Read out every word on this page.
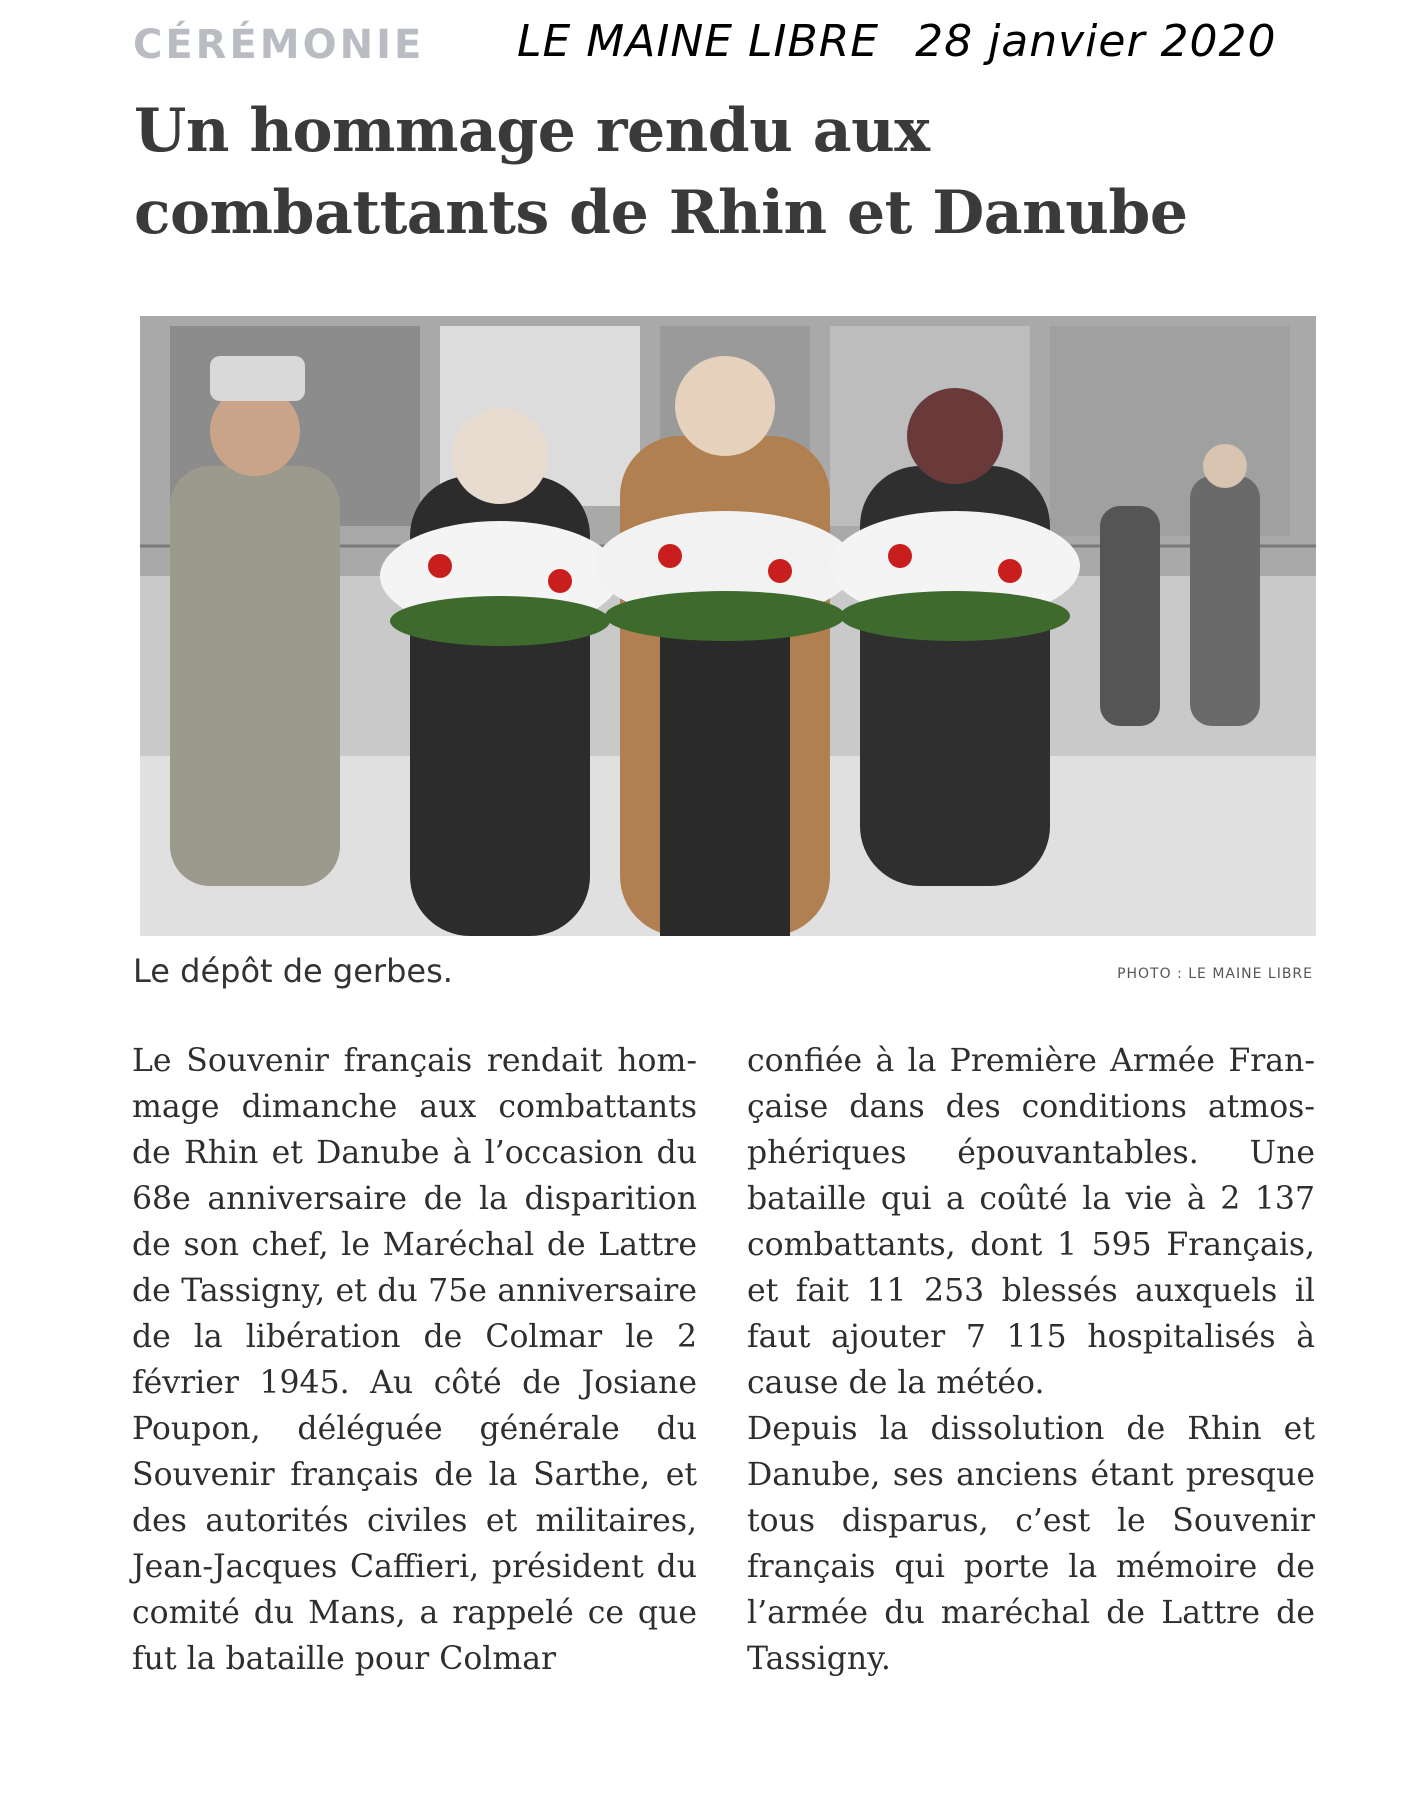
CÉRÉMONIE LE MAINE LIBRE 28 janvier 2020
Un hommage rendu aux combattants de Rhin et Danube
Le dépôt de gerbes.	PHOTO : LE MAINE LIBRE

Le Souvenir français rendait hommage dimanche aux combattants de Rhin et Danube à l’occasion du 68e anniversaire de la disparition de son chef, le Maréchal de Lattre de Tassigny, et du 75e anniversaire de la libération de Colmar le 2 février 1945. Au côté de Josiane Poupon, déléguée générale du Souvenir français de la Sarthe, et des autorités civiles et militaires, Jean-Jacques Caffieri, président du comité du Mans, a rappelé ce que fut la bataille pour Colmar

confiée à la Première Armée Française dans des conditions atmosphériques épouvantables. Une bataille qui a coûté la vie à 2 137 combattants, dont 1 595 Français, et fait 11 253 blessés auxquels il faut ajouter 7 115 hospitalisés à cause de la météo.

Depuis la dissolution de Rhin et Danube, ses anciens étant presque tous disparus, c’est le Souvenir français qui porte la mémoire de l’armée du maréchal de Lattre de Tassigny.
